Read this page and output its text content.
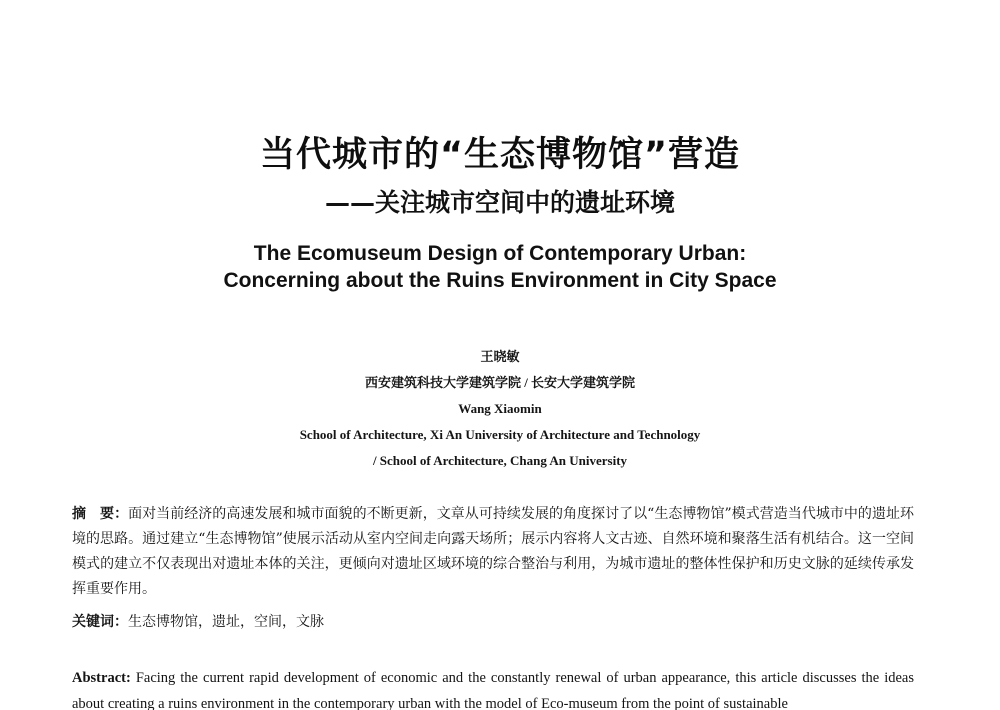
当代城市的“生态博物馆”营造
——关注城市空间中的遗址环境
The Ecomuseum Design of Contemporary Urban:
Concerning about the Ruins Environment in City Space
王晓敏
西安建筑科技大学建筑学院 / 长安大学建筑学院
Wang Xiaomin
School of Architecture, Xi An University of Architecture and Technology
/ School of Architecture, Chang An University
摘　要：面对当前经济的高速发展和城市面貌的不断更新，文章从可持续发展的角度探讨了以“生态博物馆”模式营造当代城市中的遗址环境的思路。通过建立“生态博物馆”使展示活动从室内空间走向露天场所；展示内容将人文古迹、自然环境和聚落生活有机结合。这一空间模式的建立不仅表现出对遗址本体的关注，更倾向对遗址区域环境的综合整治与利用，为城市遗址的整体性保护和历史文脉的延续传承发挥重要作用。
关键词：生态博物馆，遗址，空间，文脉
Abstract: Facing the current rapid development of economic and the constantly renewal of urban appearance, this article discusses the ideas about creating a ruins environment in the contemporary urban with the model of Eco-museum from the point of sustainable
